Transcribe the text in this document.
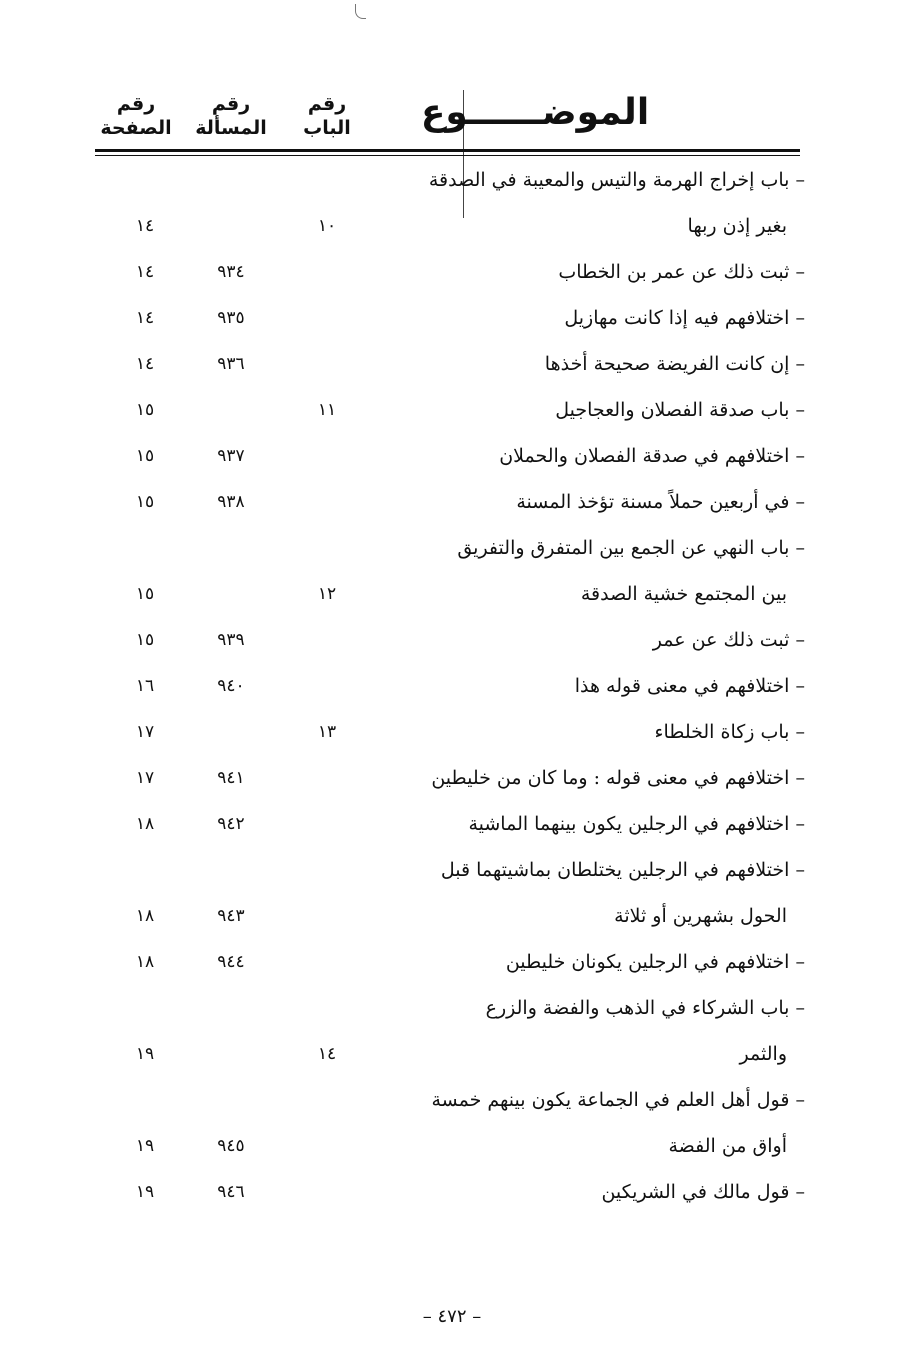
رقم
الصفحة
رقم
المسألة
رقم
الباب	الموضــــــوع
– باب إخراج الهرمة والتيس والمعيبة في الصدقة
بغير إذن ربها
١٠
١٤
– ثبت ذلك عن عمر بن الخطاب
٩٣٤
١٤
– اختلافهم فيه إذا كانت مهازيل
٩٣٥
١٤
– إن كانت الفريضة صحيحة أخذها
٩٣٦
١٤
– باب صدقة الفصلان والعجاجيل
١١
١٥
– اختلافهم في صدقة الفصلان والحملان
٩٣٧
١٥
– في أربعين حملاً مسنة تؤخذ المسنة
٩٣٨
١٥
– باب النهي عن الجمع بين المتفرق والتفريق
بين المجتمع خشية الصدقة
١٢
١٥
– ثبت ذلك عن عمر
٩٣٩
١٥
– اختلافهم في معنى قوله هذا
٩٤٠
١٦
– باب زكاة الخلطاء
١٣
١٧
– اختلافهم في معنى قوله : وما كان من خليطين
٩٤١
١٧
– اختلافهم في الرجلين يكون بينهما الماشية
٩٤٢
١٨
– اختلافهم في الرجلين يختلطان بماشيتهما قبل
الحول بشهرين أو ثلاثة
٩٤٣
١٨
– اختلافهم في الرجلين يكونان خليطين
٩٤٤
١٨
– باب الشركاء في الذهب والفضة والزرع
والثمر
١٤
١٩
– قول أهل العلم في الجماعة يكون بينهم خمسة
أواق من الفضة
٩٤٥
١٩
– قول مالك في الشريكين
٩٤٦
١٩
– ٤٧٢ –
